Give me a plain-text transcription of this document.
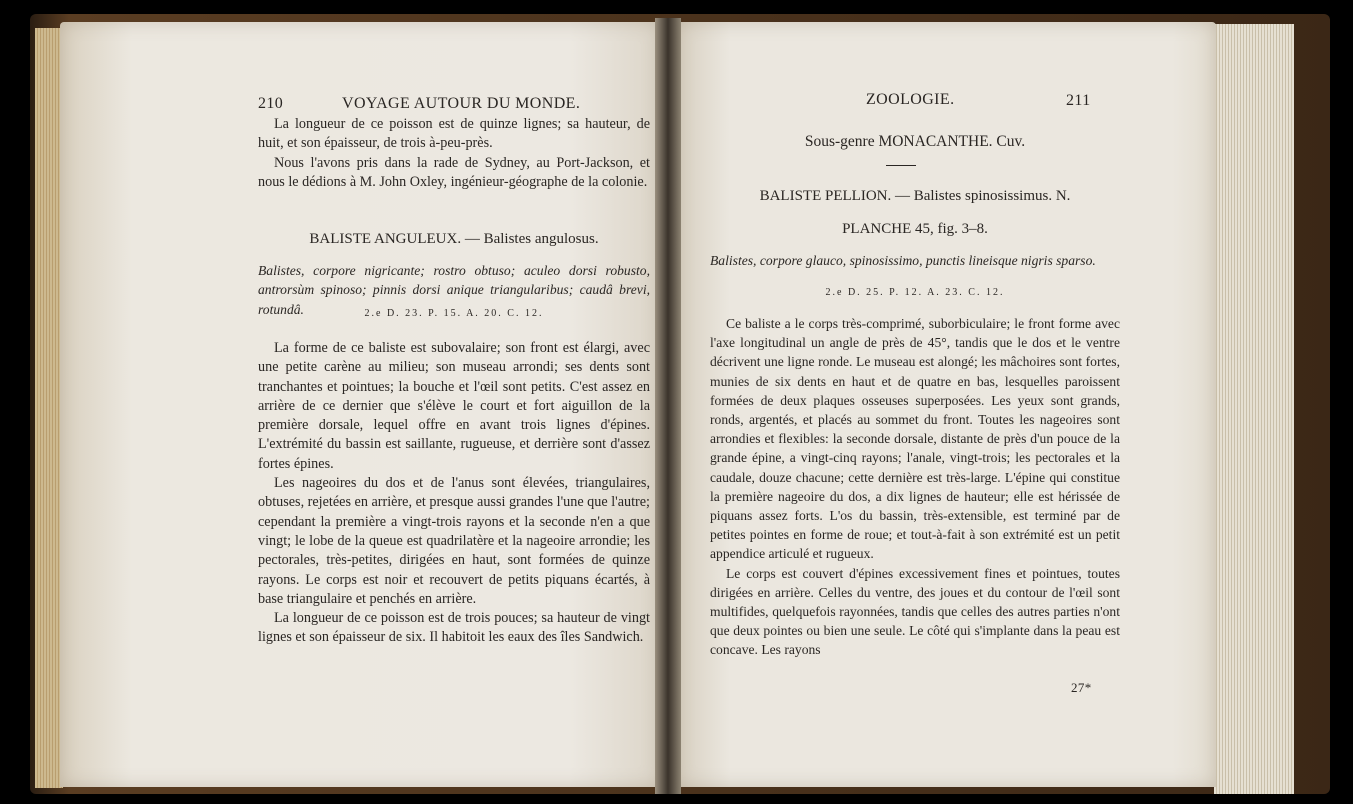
210	VOYAGE AUTOUR DU MONDE.

La longueur de ce poisson est de quinze lignes; sa hauteur, de huit, et son épaisseur, de trois à-peu-près.

Nous l'avons pris dans la rade de Sydney, au Port-Jackson, et nous le dédions à M. John Oxley, ingénieur-géographe de la colonie.

BALISTE ANGULEUX. — Balistes angulosus.
Balistes, corpore nigricante; rostro obtuso; aculeo dorsi robusto, antrorsùm spinoso; pinnis dorsi anique triangularibus; caudâ brevi, rotundâ.	2.e D. 23. P. 15. A. 20. C. 12.

La forme de ce baliste est subovalaire; son front est élargi, avec une petite carène au milieu; son museau arrondi; ses dents sont tranchantes et pointues; la bouche et l'œil sont petits. C'est assez en arrière de ce dernier que s'élève le court et fort aiguillon de la première dorsale, lequel offre en avant trois lignes d'épines. L'extrémité du bassin est saillante, rugueuse, et derrière sont d'assez fortes épines.

Les nageoires du dos et de l'anus sont élevées, triangulaires, obtuses, rejetées en arrière, et presque aussi grandes l'une que l'autre; cependant la première a vingt-trois rayons et la seconde n'en a que vingt; le lobe de la queue est quadrilatère et la nageoire arrondie; les pectorales, très-petites, dirigées en haut, sont formées de quinze rayons. Le corps est noir et recouvert de petits piquans écartés, à base triangulaire et penchés en arrière.

La longueur de ce poisson est de trois pouces; sa hauteur de vingt lignes et son épaisseur de six. Il habitoit les eaux des îles Sandwich.

ZOOLOGIE.	211
Sous-genre MONACANTHE. Cuv.
BALISTE PELLION. — Balistes spinosissimus. N.
PLANCHE 45, fig. 3–8.
Balistes, corpore glauco, spinosissimo, punctis lineisque nigris sparso.
2.e D. 25. P. 12. A. 23. C. 12.

Ce baliste a le corps très-comprimé, suborbiculaire; le front forme avec l'axe longitudinal un angle de près de 45°, tandis que le dos et le ventre décrivent une ligne ronde. Le museau est alongé; les mâchoires sont fortes, munies de six dents en haut et de quatre en bas, lesquelles paroissent formées de deux plaques osseuses superposées. Les yeux sont grands, ronds, argentés, et placés au sommet du front. Toutes les nageoires sont arrondies et flexibles: la seconde dorsale, distante de près d'un pouce de la grande épine, a vingt-cinq rayons; l'anale, vingt-trois; les pectorales et la caudale, douze chacune; cette dernière est très-large. L'épine qui constitue la première nageoire du dos, a dix lignes de hauteur; elle est hérissée de piquans assez forts. L'os du bassin, très-extensible, est terminé par de petites pointes en forme de roue; et tout-à-fait à son extrémité est un petit appendice articulé et rugueux.

Le corps est couvert d'épines excessivement fines et pointues, toutes dirigées en arrière. Celles du ventre, des joues et du contour de l'œil sont multifides, quelquefois rayonnées, tandis que celles des autres parties n'ont que deux pointes ou bien une seule. Le côté qui s'implante dans la peau est concave. Les rayons

27*
